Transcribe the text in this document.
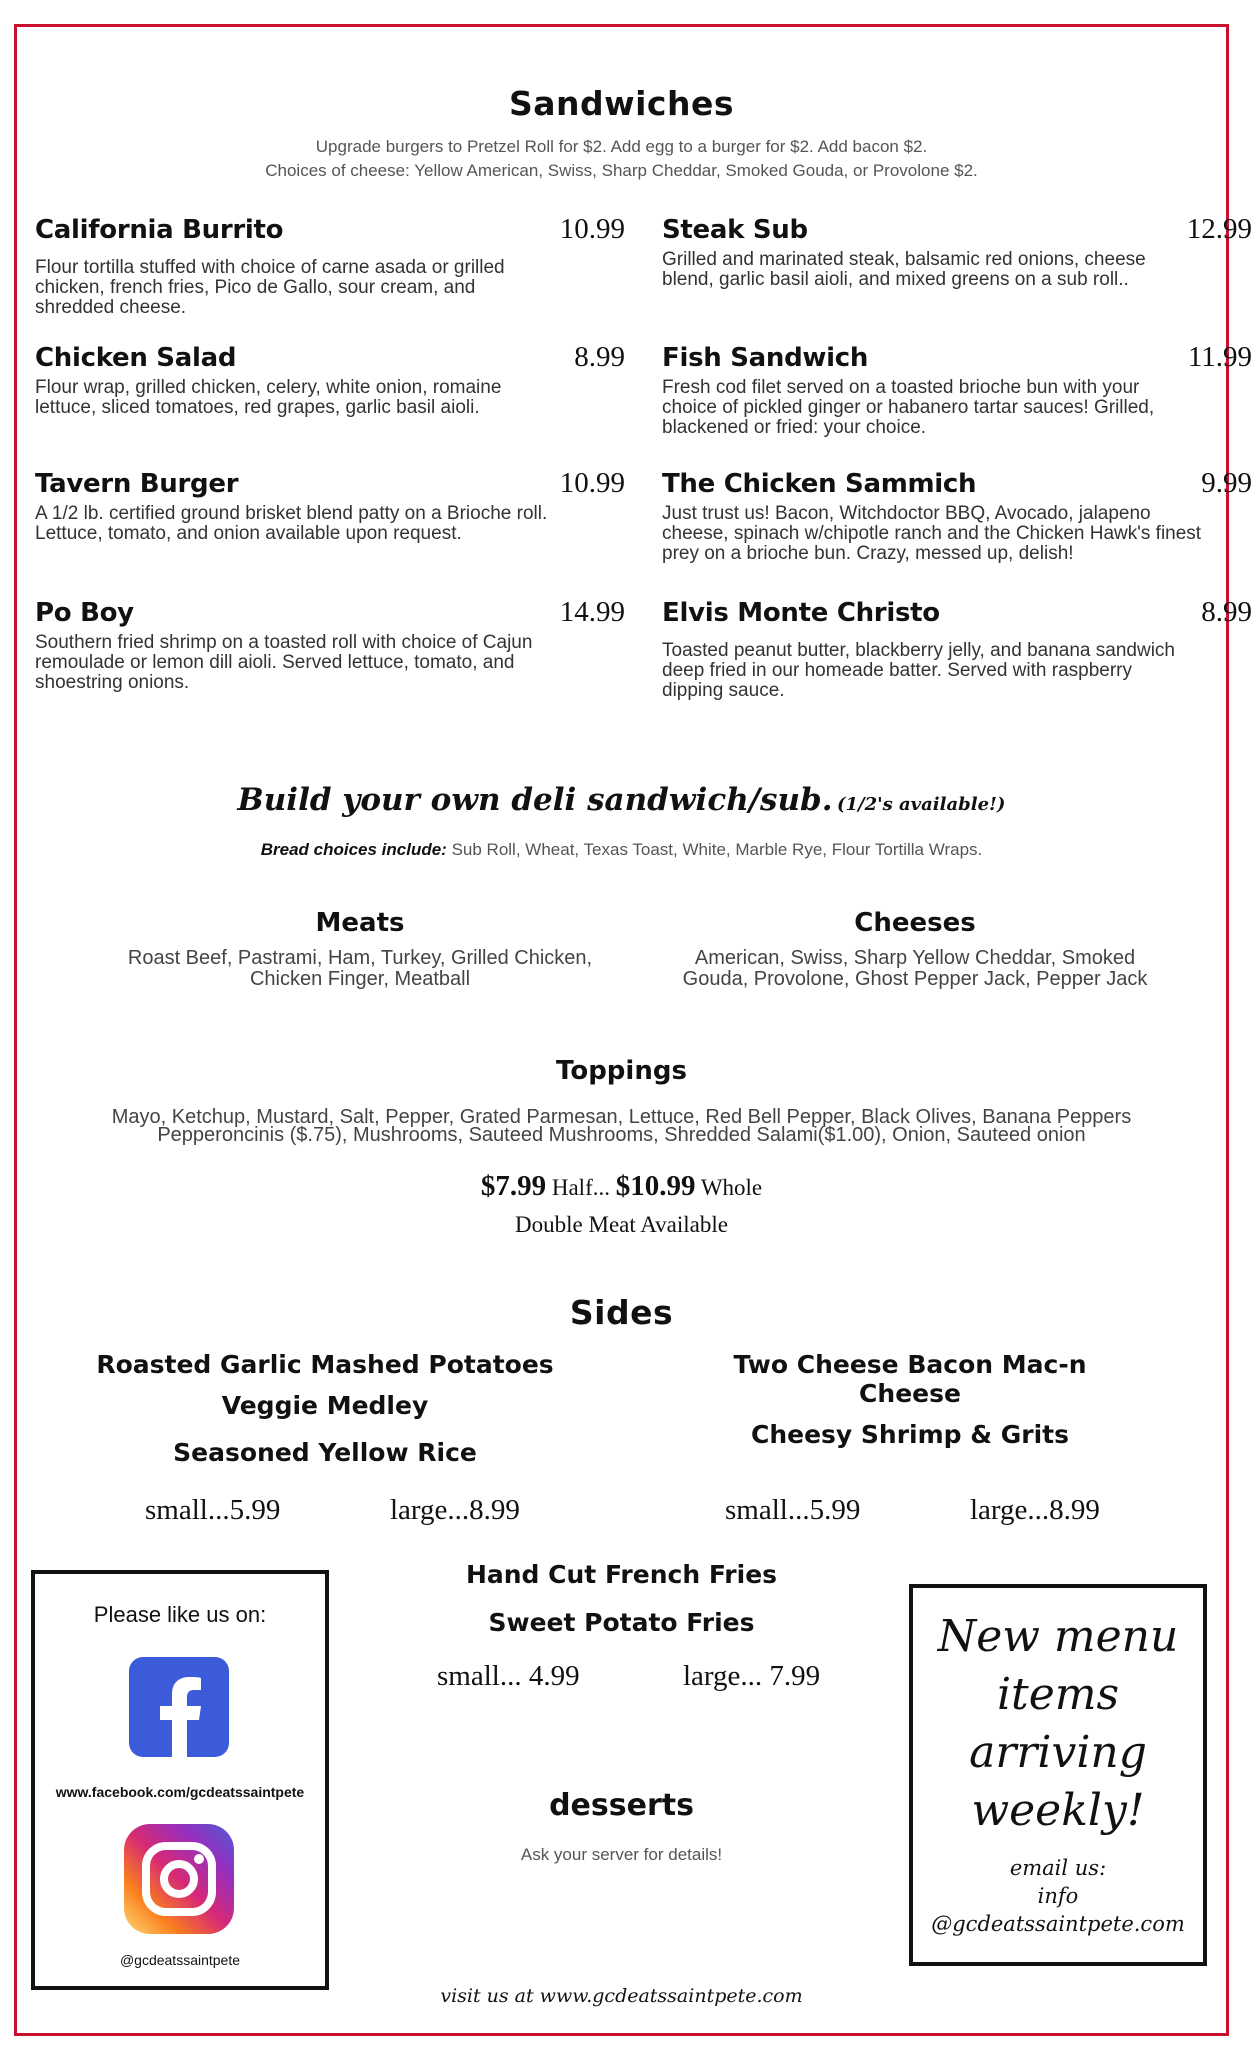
Sandwiches
Upgrade burgers to Pretzel Roll for $2. Add egg to a burger for $2. Add bacon $2.
Choices of cheese: Yellow American, Swiss, Sharp Cheddar, Smoked Gouda, or Provolone $2.
California Burrito	10.99
Flour tortilla stuffed with choice of carne asada or grilled chicken, french fries, Pico de Gallo, sour cream, and shredded cheese.
Steak Sub	12.99
Grilled and marinated steak, balsamic red onions, cheese blend, garlic basil aioli, and mixed greens on a sub roll..
Chicken Salad	8.99
Flour wrap, grilled chicken, celery, white onion, romaine lettuce, sliced tomatoes, red grapes, garlic basil aioli.
Fish Sandwich	11.99
Fresh cod filet served on a toasted brioche bun with your choice of pickled ginger or habanero tartar sauces! Grilled, blackened or fried: your choice.
Tavern Burger	10.99
A 1/2 lb. certified ground brisket blend patty on a Brioche roll. Lettuce, tomato, and onion available upon request.
The Chicken Sammich	9.99
Just trust us! Bacon, Witchdoctor BBQ, Avocado, jalapeno cheese, spinach w/chipotle ranch and the Chicken Hawk's finest prey on a brioche bun. Crazy, messed up, delish!
Po Boy	14.99
Southern fried shrimp on a toasted roll with choice of Cajun remoulade or lemon dill aioli. Served lettuce, tomato, and shoestring onions.
Elvis Monte Christo	8.99
Toasted peanut butter, blackberry jelly, and banana sandwich deep fried in our homeade batter. Served with raspberry dipping sauce.
Build your own deli sandwich/sub. (1/2's available!)
Bread choices include: Sub Roll, Wheat, Texas Toast, White, Marble Rye, Flour Tortilla Wraps.
Meats
Roast Beef, Pastrami, Ham, Turkey, Grilled Chicken, Chicken Finger, Meatball
Cheeses
American, Swiss, Sharp Yellow Cheddar, Smoked Gouda, Provolone, Ghost Pepper Jack, Pepper Jack
Toppings
Mayo, Ketchup, Mustard, Salt, Pepper, Grated Parmesan, Lettuce, Red Bell Pepper, Black Olives, Banana Peppers
Pepperoncinis ($.75), Mushrooms, Sauteed Mushrooms, Shredded Salami($1.00), Onion, Sauteed onion
$7.99 Half... $10.99 Whole
Double Meat Available
Sides
Roasted Garlic Mashed Potatoes
Veggie Medley
Seasoned Yellow Rice
Two Cheese Bacon Mac-n Cheese
Cheesy Shrimp & Grits
small...5.99	large...8.99	small...5.99	large...8.99
Hand Cut French Fries
Sweet Potato Fries
small... 4.99	large... 7.99
desserts
Ask your server for details!
Please like us on:
www.facebook.com/gcdeatssaintpete
@gcdeatssaintpete
New menu
items
arriving
weekly!
email us:
info
@gcdeatssaintpete.com
visit us at www.gcdeatssaintpete.com
